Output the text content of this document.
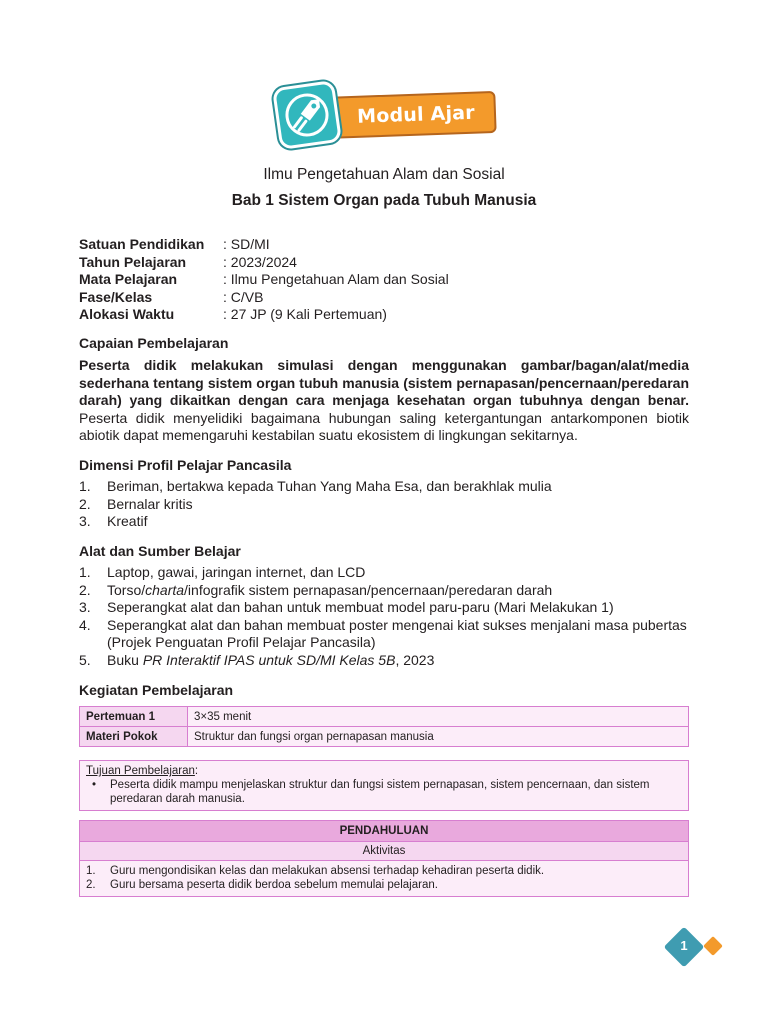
Modul Ajar
Ilmu Pengetahuan Alam dan Sosial
Bab 1 Sistem Organ pada Tubuh Manusia
Satuan Pendidikan	: SD/MI
Tahun Pelajaran	: 2023/2024
Mata Pelajaran	: Ilmu Pengetahuan Alam dan Sosial
Fase/Kelas	: C/VB
Alokasi Waktu	: 27 JP (9 Kali Pertemuan)
Capaian Pembelajaran
Peserta didik melakukan simulasi dengan menggunakan gambar/bagan/alat/media sederhana tentang sistem organ tubuh manusia (sistem pernapasan/pencernaan/peredaran darah) yang dikaitkan dengan cara menjaga kesehatan organ tubuhnya dengan benar. Peserta didik menyelidiki bagaimana hubungan saling ketergantungan antarkomponen biotik abiotik dapat memengaruhi kestabilan suatu ekosistem di lingkungan sekitarnya.
Dimensi Profil Pelajar Pancasila
1.	Beriman, bertakwa kepada Tuhan Yang Maha Esa, dan berakhlak mulia
2.	Bernalar kritis
3.	Kreatif
Alat dan Sumber Belajar
1.	Laptop, gawai, jaringan internet, dan LCD
2.	Torso/charta/infografik sistem pernapasan/pencernaan/peredaran darah
3.	Seperangkat alat dan bahan untuk membuat model paru-paru (Mari Melakukan 1)
4.	Seperangkat alat dan bahan membuat poster mengenai kiat sukses menjalani masa pubertas (Projek Penguatan Profil Pelajar Pancasila)
5.	Buku PR Interaktif IPAS untuk SD/MI Kelas 5B, 2023
Kegiatan Pembelajaran
Pertemuan 1	3×35 menit
Materi Pokok	Struktur dan fungsi organ pernapasan manusia
Tujuan Pembelajaran:
•	Peserta didik mampu menjelaskan struktur dan fungsi sistem pernapasan, sistem pencernaan, dan sistem peredaran darah manusia.
PENDAHULUAN
Aktivitas

1.	Guru mengondisikan kelas dan melakukan absensi terhadap kehadiran peserta didik.
2.	Guru bersama peserta didik berdoa sebelum memulai pelajaran.
1
